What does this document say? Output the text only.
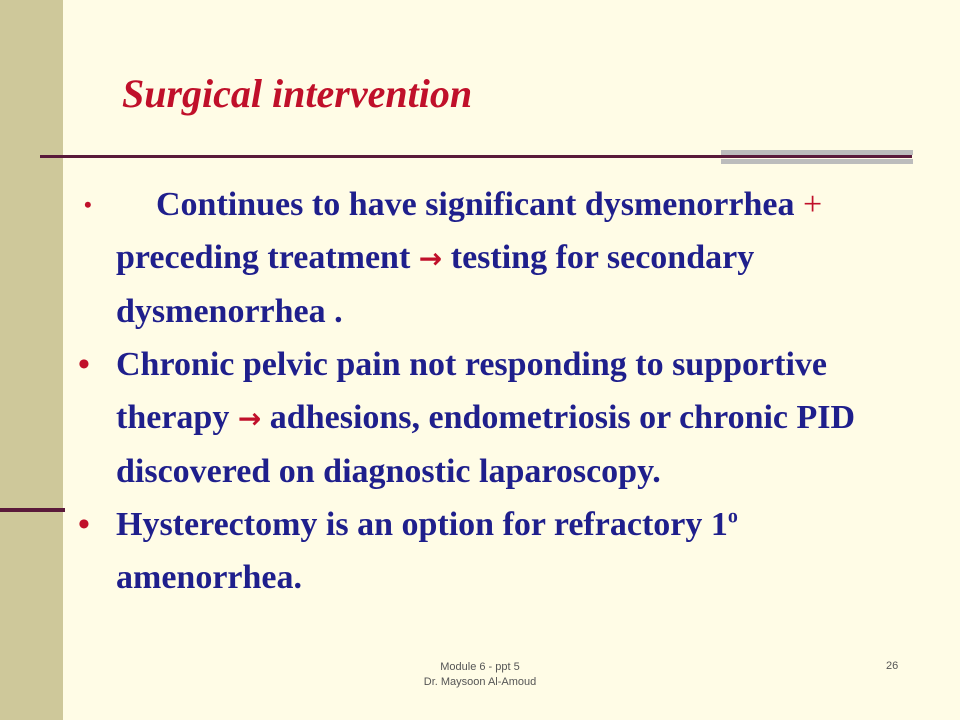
Surgical intervention
• Continues to have significant dysmenorrhea + preceding treatment → testing for secondary dysmenorrhea .
• Chronic pelvic pain not responding to supportive therapy → adhesions, endometriosis or chronic PID discovered on diagnostic laparoscopy.
• Hysterectomy is an option for refractory 1$^o$ amenorrhea.
Module 6 - ppt 5
Dr. Maysoon Al-Amoud
26
